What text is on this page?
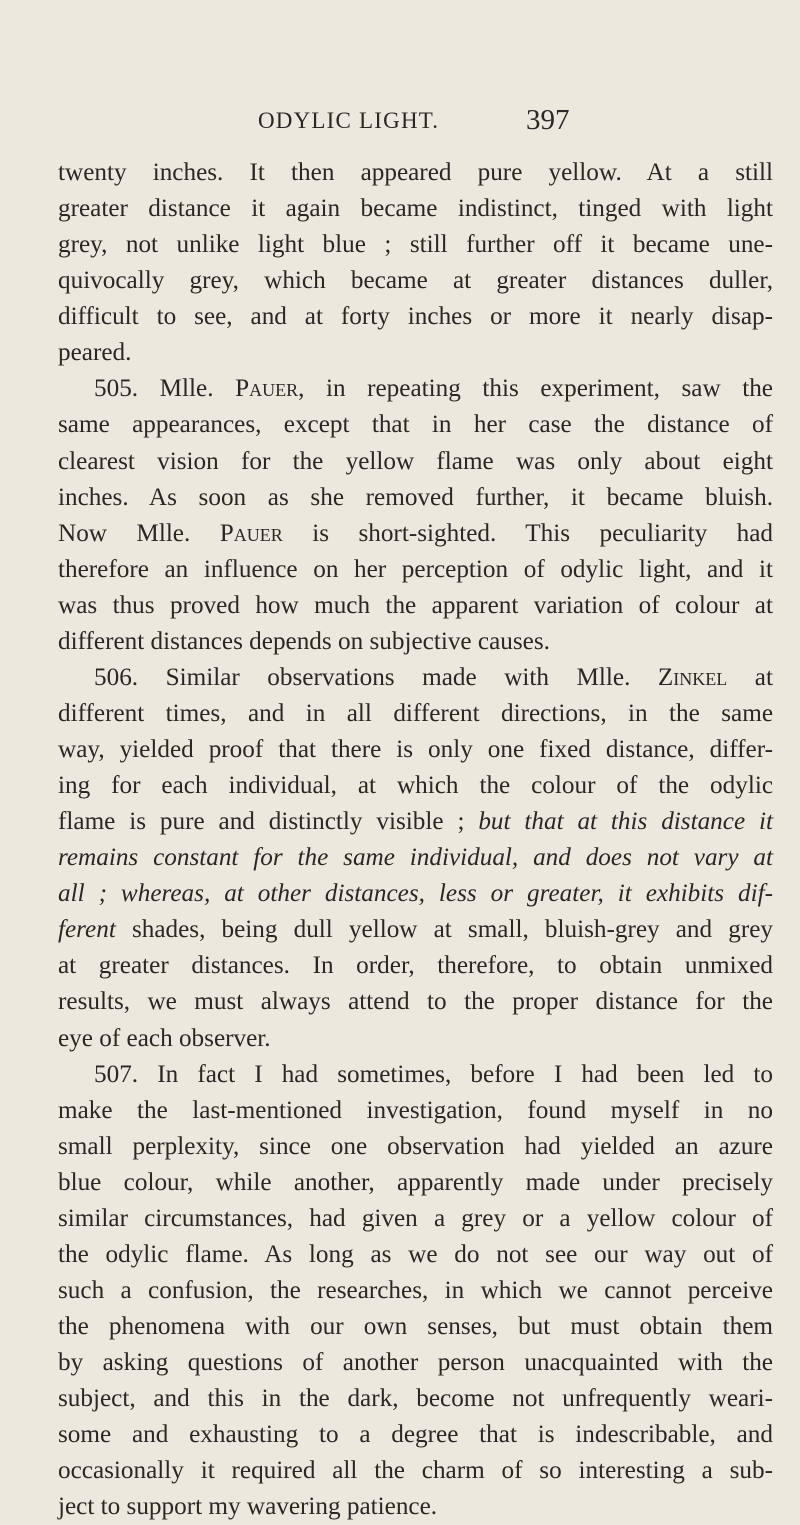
ODYLIC LIGHT.	397
twenty inches. It then appeared pure yellow. At a still
greater distance it again became indistinct, tinged with light
grey, not unlike light blue ; still further off it became une-
quivocally grey, which became at greater distances duller,
difficult to see, and at forty inches or more it nearly disap-
peared.
505. Mlle. Pauer, in repeating this experiment, saw the
same appearances, except that in her case the distance of
clearest vision for the yellow flame was only about eight
inches. As soon as she removed further, it became bluish.
Now Mlle. Pauer is short-sighted. This peculiarity had
therefore an influence on her perception of odylic light, and it
was thus proved how much the apparent variation of colour at
different distances depends on subjective causes.
506. Similar observations made with Mlle. Zinkel at
different times, and in all different directions, in the same
way, yielded proof that there is only one fixed distance, differ-
ing for each individual, at which the colour of the odylic
flame is pure and distinctly visible ; but that at this distance it
remains constant for the same individual, and does not vary at
all ; whereas, at other distances, less or greater, it exhibits dif-
ferent shades, being dull yellow at small, bluish-grey and grey
at greater distances. In order, therefore, to obtain unmixed
results, we must always attend to the proper distance for the
eye of each observer.
507. In fact I had sometimes, before I had been led to
make the last-mentioned investigation, found myself in no
small perplexity, since one observation had yielded an azure
blue colour, while another, apparently made under precisely
similar circumstances, had given a grey or a yellow colour of
the odylic flame. As long as we do not see our way out of
such a confusion, the researches, in which we cannot perceive
the phenomena with our own senses, but must obtain them
by asking questions of another person unacquainted with the
subject, and this in the dark, become not unfrequently weari-
some and exhausting to a degree that is indescribable, and
occasionally it required all the charm of so interesting a sub-
ject to support my wavering patience.
